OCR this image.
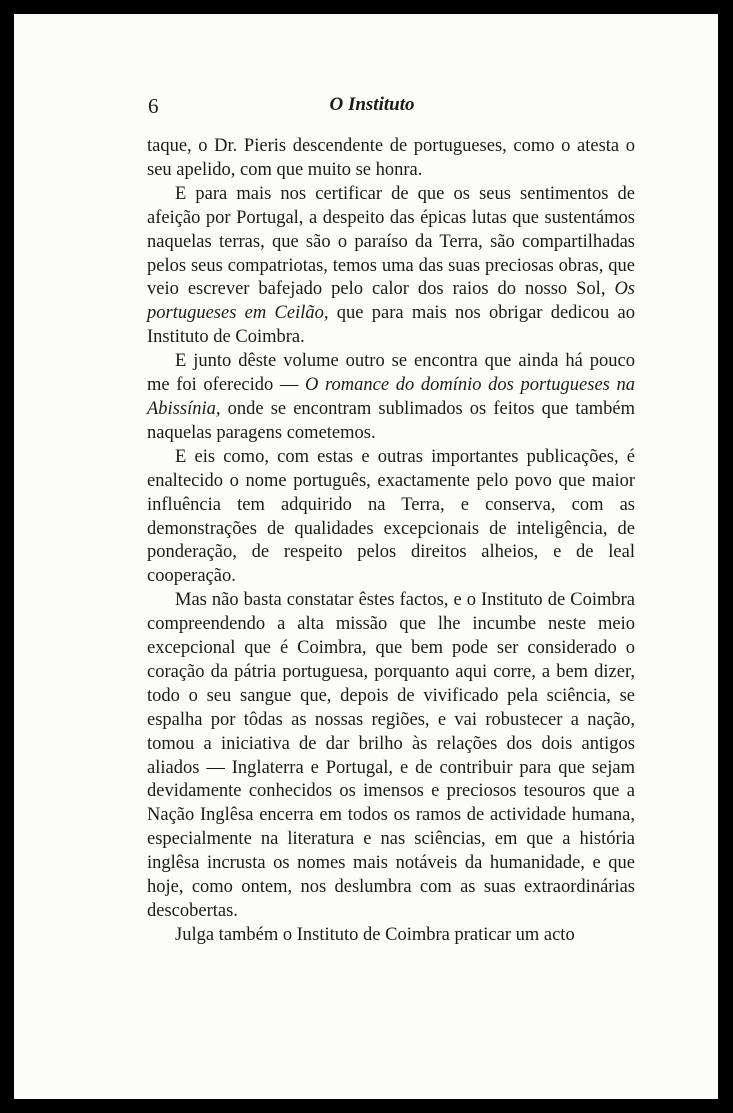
6	O Instituto

taque, o Dr. Pieris descendente de portugueses, como o atesta o seu apelido, com que muito se honra.

E para mais nos certificar de que os seus sentimentos de afeição por Portugal, a despeito das épicas lutas que sustentámos naquelas terras, que são o paraíso da Terra, são compartilhadas pelos seus compatriotas, temos uma das suas preciosas obras, que veio escrever bafejado pelo calor dos raios do nosso Sol, Os portugueses em Ceilão, que para mais nos obrigar dedicou ao Instituto de Coimbra.

E junto dêste volume outro se encontra que ainda há pouco me foi oferecido — O romance do domínio dos portugueses na Abissínia, onde se encontram sublimados os feitos que também naquelas paragens cometemos.

E eis como, com estas e outras importantes publicações, é enaltecido o nome português, exactamente pelo povo que maior influência tem adquirido na Terra, e conserva, com as demonstrações de qualidades excepcionais de inteligência, de ponderação, de respeito pelos direitos alheios, e de leal cooperação.

Mas não basta constatar êstes factos, e o Instituto de Coimbra compreendendo a alta missão que lhe incumbe neste meio excepcional que é Coimbra, que bem pode ser considerado o coração da pátria portuguesa, porquanto aqui corre, a bem dizer, todo o seu sangue que, depois de vivificado pela sciência, se espalha por tôdas as nossas regiões, e vai robustecer a nação, tomou a iniciativa de dar brilho às relações dos dois antigos aliados — Inglaterra e Portugal, e de contribuir para que sejam devidamente conhecidos os imensos e preciosos tesouros que a Nação Inglêsa encerra em todos os ramos de actividade humana, especialmente na literatura e nas sciências, em que a história inglêsa incrusta os nomes mais notáveis da humanidade, e que hoje, como ontem, nos deslumbra com as suas extraordinárias descobertas.

Julga também o Instituto de Coimbra praticar um acto
